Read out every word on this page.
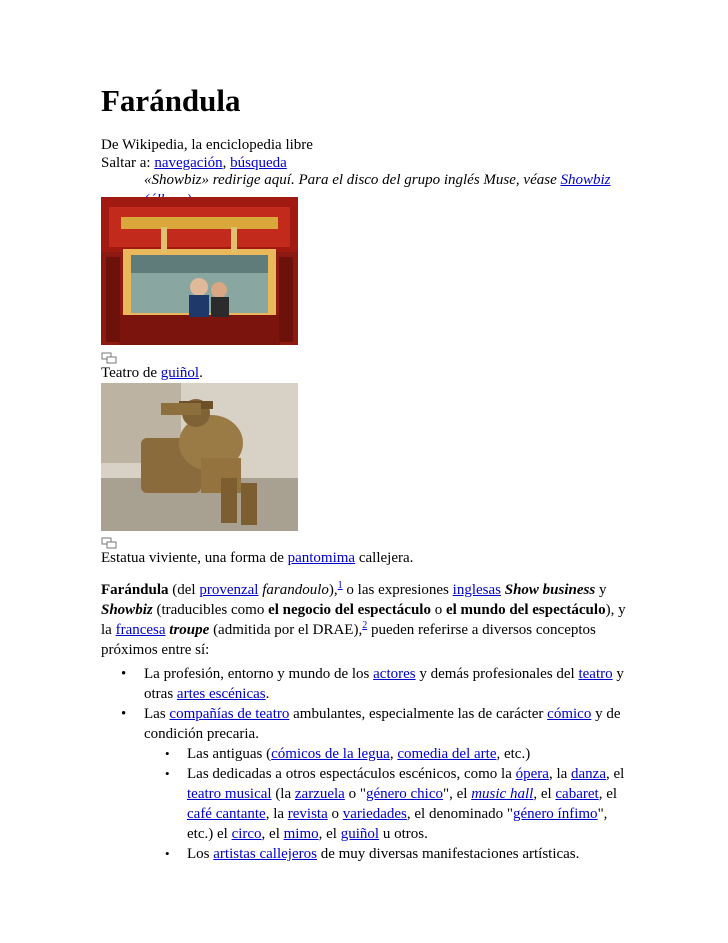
Farándula
De Wikipedia, la enciclopedia libre
Saltar a: navegación, búsqueda
«Showbiz» redirige aquí. Para el disco del grupo inglés Muse, véase Showbiz
Teatro de guiñol.
Estatua viviente, una forma de pantomima callejera.

Farándula (del provenzal farandoulo),$^1$ o las expresiones inglesas Show business y Showbiz (traducibles como el negocio del espectáculo o el mundo del espectáculo), y la francesa troupe (admitida por el DRAE),$^2$ pueden referirse a diversos conceptos próximos entre sí:

• La profesión, entorno y mundo de los actores y demás profesionales del teatro y otras artes escénicas.
• Las compañías de teatro ambulantes, especialmente las de carácter cómico y de condición precaria.
• Las antiguas (cómicos de la legua, comedia del arte, etc.)
• Las dedicadas a otros espectáculos escénicos, como la ópera, la danza, el teatro musical (la zarzuela o "género chico", el music hall, el cabaret, el café cantante, la revista o variedades, el denominado "género ínfimo", etc.) el circo, el mimo, el guiñol u otros.
• Los artistas callejeros de muy diversas manifestaciones artísticas.
